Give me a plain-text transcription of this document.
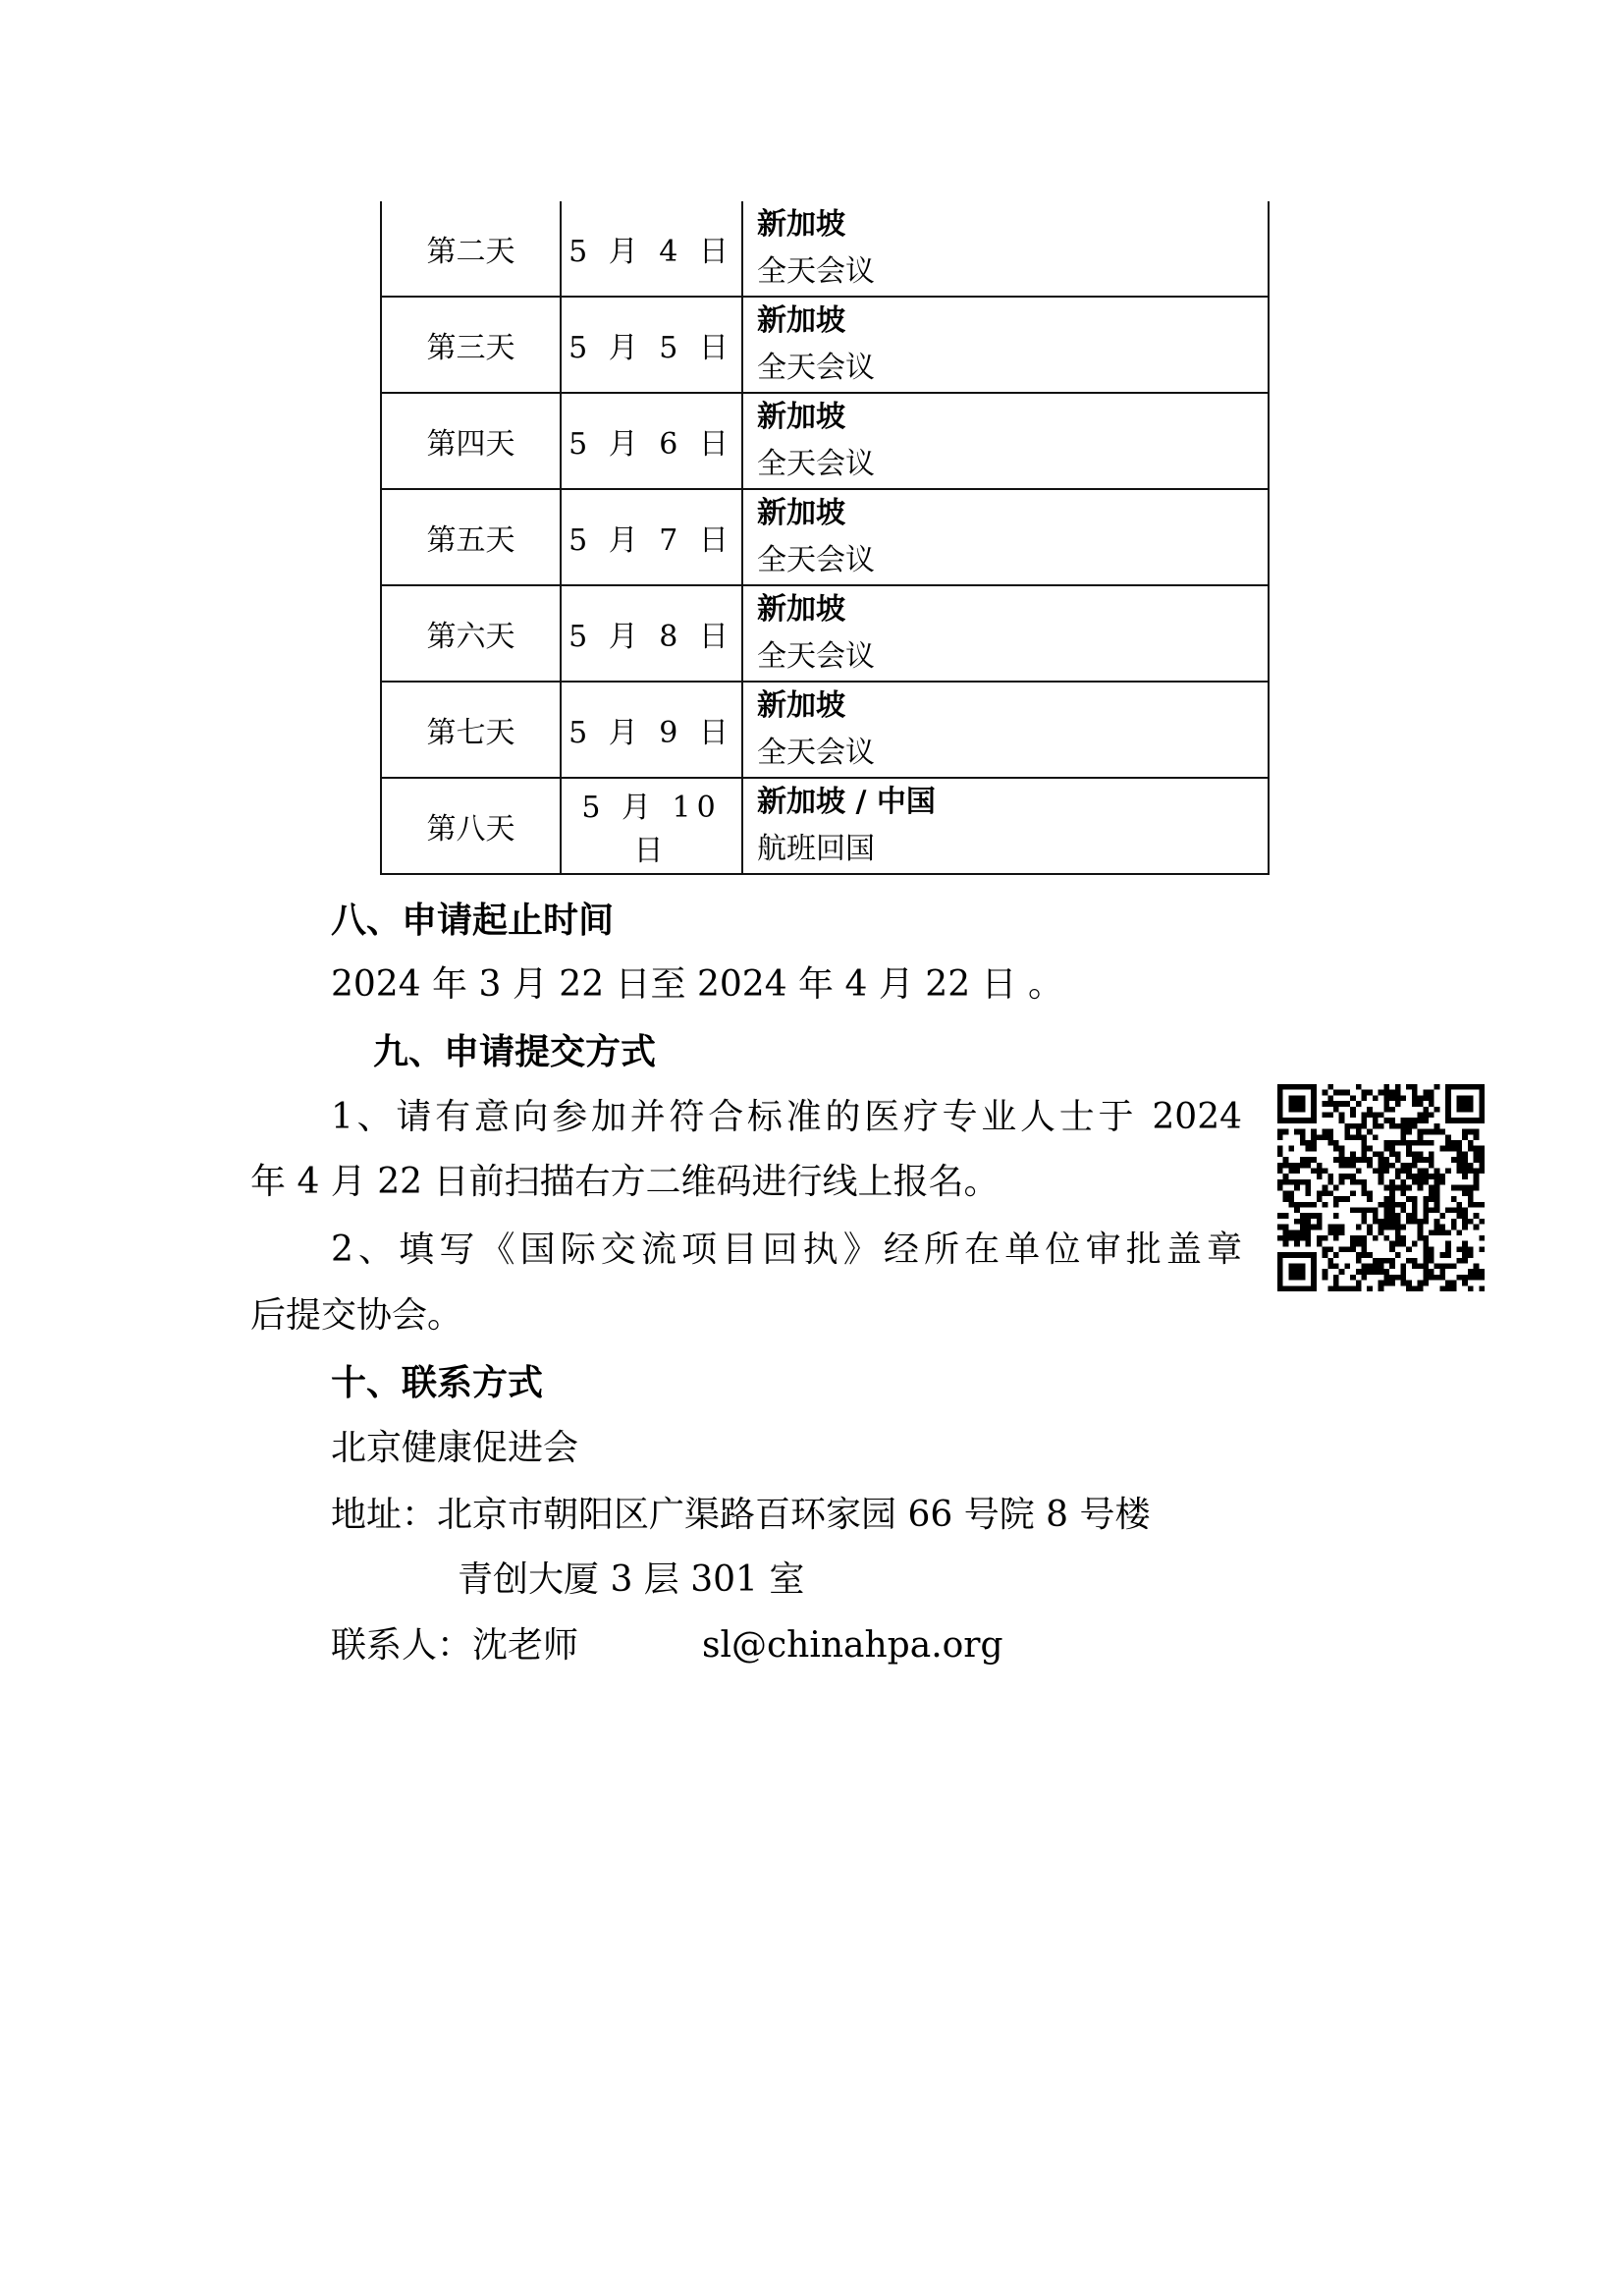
第二天	5 月 4 日	新加坡
全天会议

第三天	5 月 5 日	新加坡
全天会议

第四天	5 月 6 日	新加坡
全天会议

第五天	5 月 7 日	新加坡
全天会议

第六天	5 月 8 日	新加坡
全天会议

第七天	5 月 9 日	新加坡
全天会议

第八天	5 月 10 日	新加坡 / 中国
航班回国
八、申请起止时间
2024 年 3 月 22 日至 2024 年 4 月 22 日 。
九、申请提交方式
1、请有意向参加并符合标准的医疗专业人士于 2024
年 4 月 22 日前扫描右方二维码进行线上报名。
2、填写《国际交流项目回执》经所在单位审批盖章
后提交协会。
十、联系方式
北京健康促进会
地址：北京市朝阳区广渠路百环家园 66 号院 8 号楼
青创大厦 3 层 301 室
联系人：沈老师	sl@chinahpa.org
